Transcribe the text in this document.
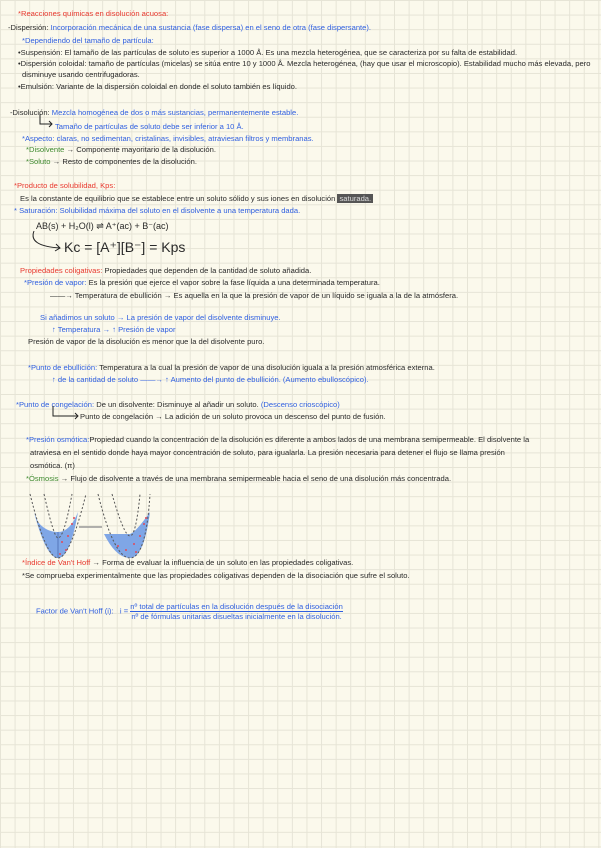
*Reacciones químicas en disolución acuosa:
-Dispersión: Incorporación mecánica de una sustancia (fase dispersa) en el seno de otra (fase dispersante).
*Dependiendo del tamaño de partícula:
•Suspensión: El tamaño de las partículas de soluto es superior a 1000 Å. Es una mezcla heterogénea, que se caracteriza por su falta de estabilidad.
•Dispersión coloidal: tamaño de partículas (micelas) se sitúa entre 10 y 1000 Å. Mezcla heterogénea, (hay que usar el microscopio). Estabilidad mucho más elevada, pero
disminuye usando centrifugadoras.
•Emulsión: Variante de la dispersión coloidal en donde el soluto también es líquido.
-Disolución: Mezcla homogénea de dos o más sustancias, permanentemente estable.
Tamaño de partículas de soluto debe ser inferior a 10 Å.
*Aspecto: claras, no sedimentan, cristalinas, invisibles, atraviesan filtros y membranas.
*Disolvente → Componente mayoritario de la disolución.
*Soluto → Resto de componentes de la disolución.
*Producto de solubilidad, Kps:
Es la constante de equilibrio que se establece entre un soluto sólido y sus iones en disolución saturada.
* Saturación: Solubilidad máxima del soluto en el disolvente a una temperatura dada.
AB(s) + H₂O(l) ⇌ A⁺(ac) + B⁻(ac)
Kc = [A⁺][B⁻] = Kps
Propiedades coligativas: Propiedades que dependen de la cantidad de soluto añadida.
*Presión de vapor: Es la presión que ejerce el vapor sobre la fase líquida a una determinada temperatura.
——→ Temperatura de ebullición → Es aquella en la que la presión de vapor de un líquido se iguala a la de la atmósfera.
Si añadimos un soluto → La presión de vapor del disolvente disminuye.
↑ Temperatura → ↑ Presión de vapor
Presión de vapor de la disolución es menor que la del disolvente puro.
*Punto de ebullición: Temperatura a la cual la presión de vapor de una disolución iguala a la presión atmosférica externa.
↑ de la cantidad de soluto ——→ ↑ Aumento del punto de ebullición. (Aumento ebulloscópico).
*Punto de congelación: De un disolvente: Disminuye al añadir un soluto. (Descenso crioscópico)
Punto de congelación → La adición de un soluto provoca un descenso del punto de fusión.
*Presión osmótica:Propiedad cuando la concentración de la disolución es diferente a ambos lados de una membrana semipermeable. El disolvente la
atraviesa en el sentido donde haya mayor concentración de soluto, para igualarla. La presión necesaria para detener el flujo se llama presión
osmótica. (π)
*Ósmosis → Flujo de disolvente a través de una membrana semipermeable hacia el seno de una disolución más concentrada.
*Índice de Van't Hoff → Forma de evaluar la influencia de un soluto en las propiedades coligativas.
*Se comprueba experimentalmente que las propiedades coligativas dependen de la disociación que sufre el soluto.
Factor de Van't Hoff (i): i = nº total de partículas en la disolución después de la disociación
nº de fórmulas unitarias disueltas inicialmente en la disolución.
